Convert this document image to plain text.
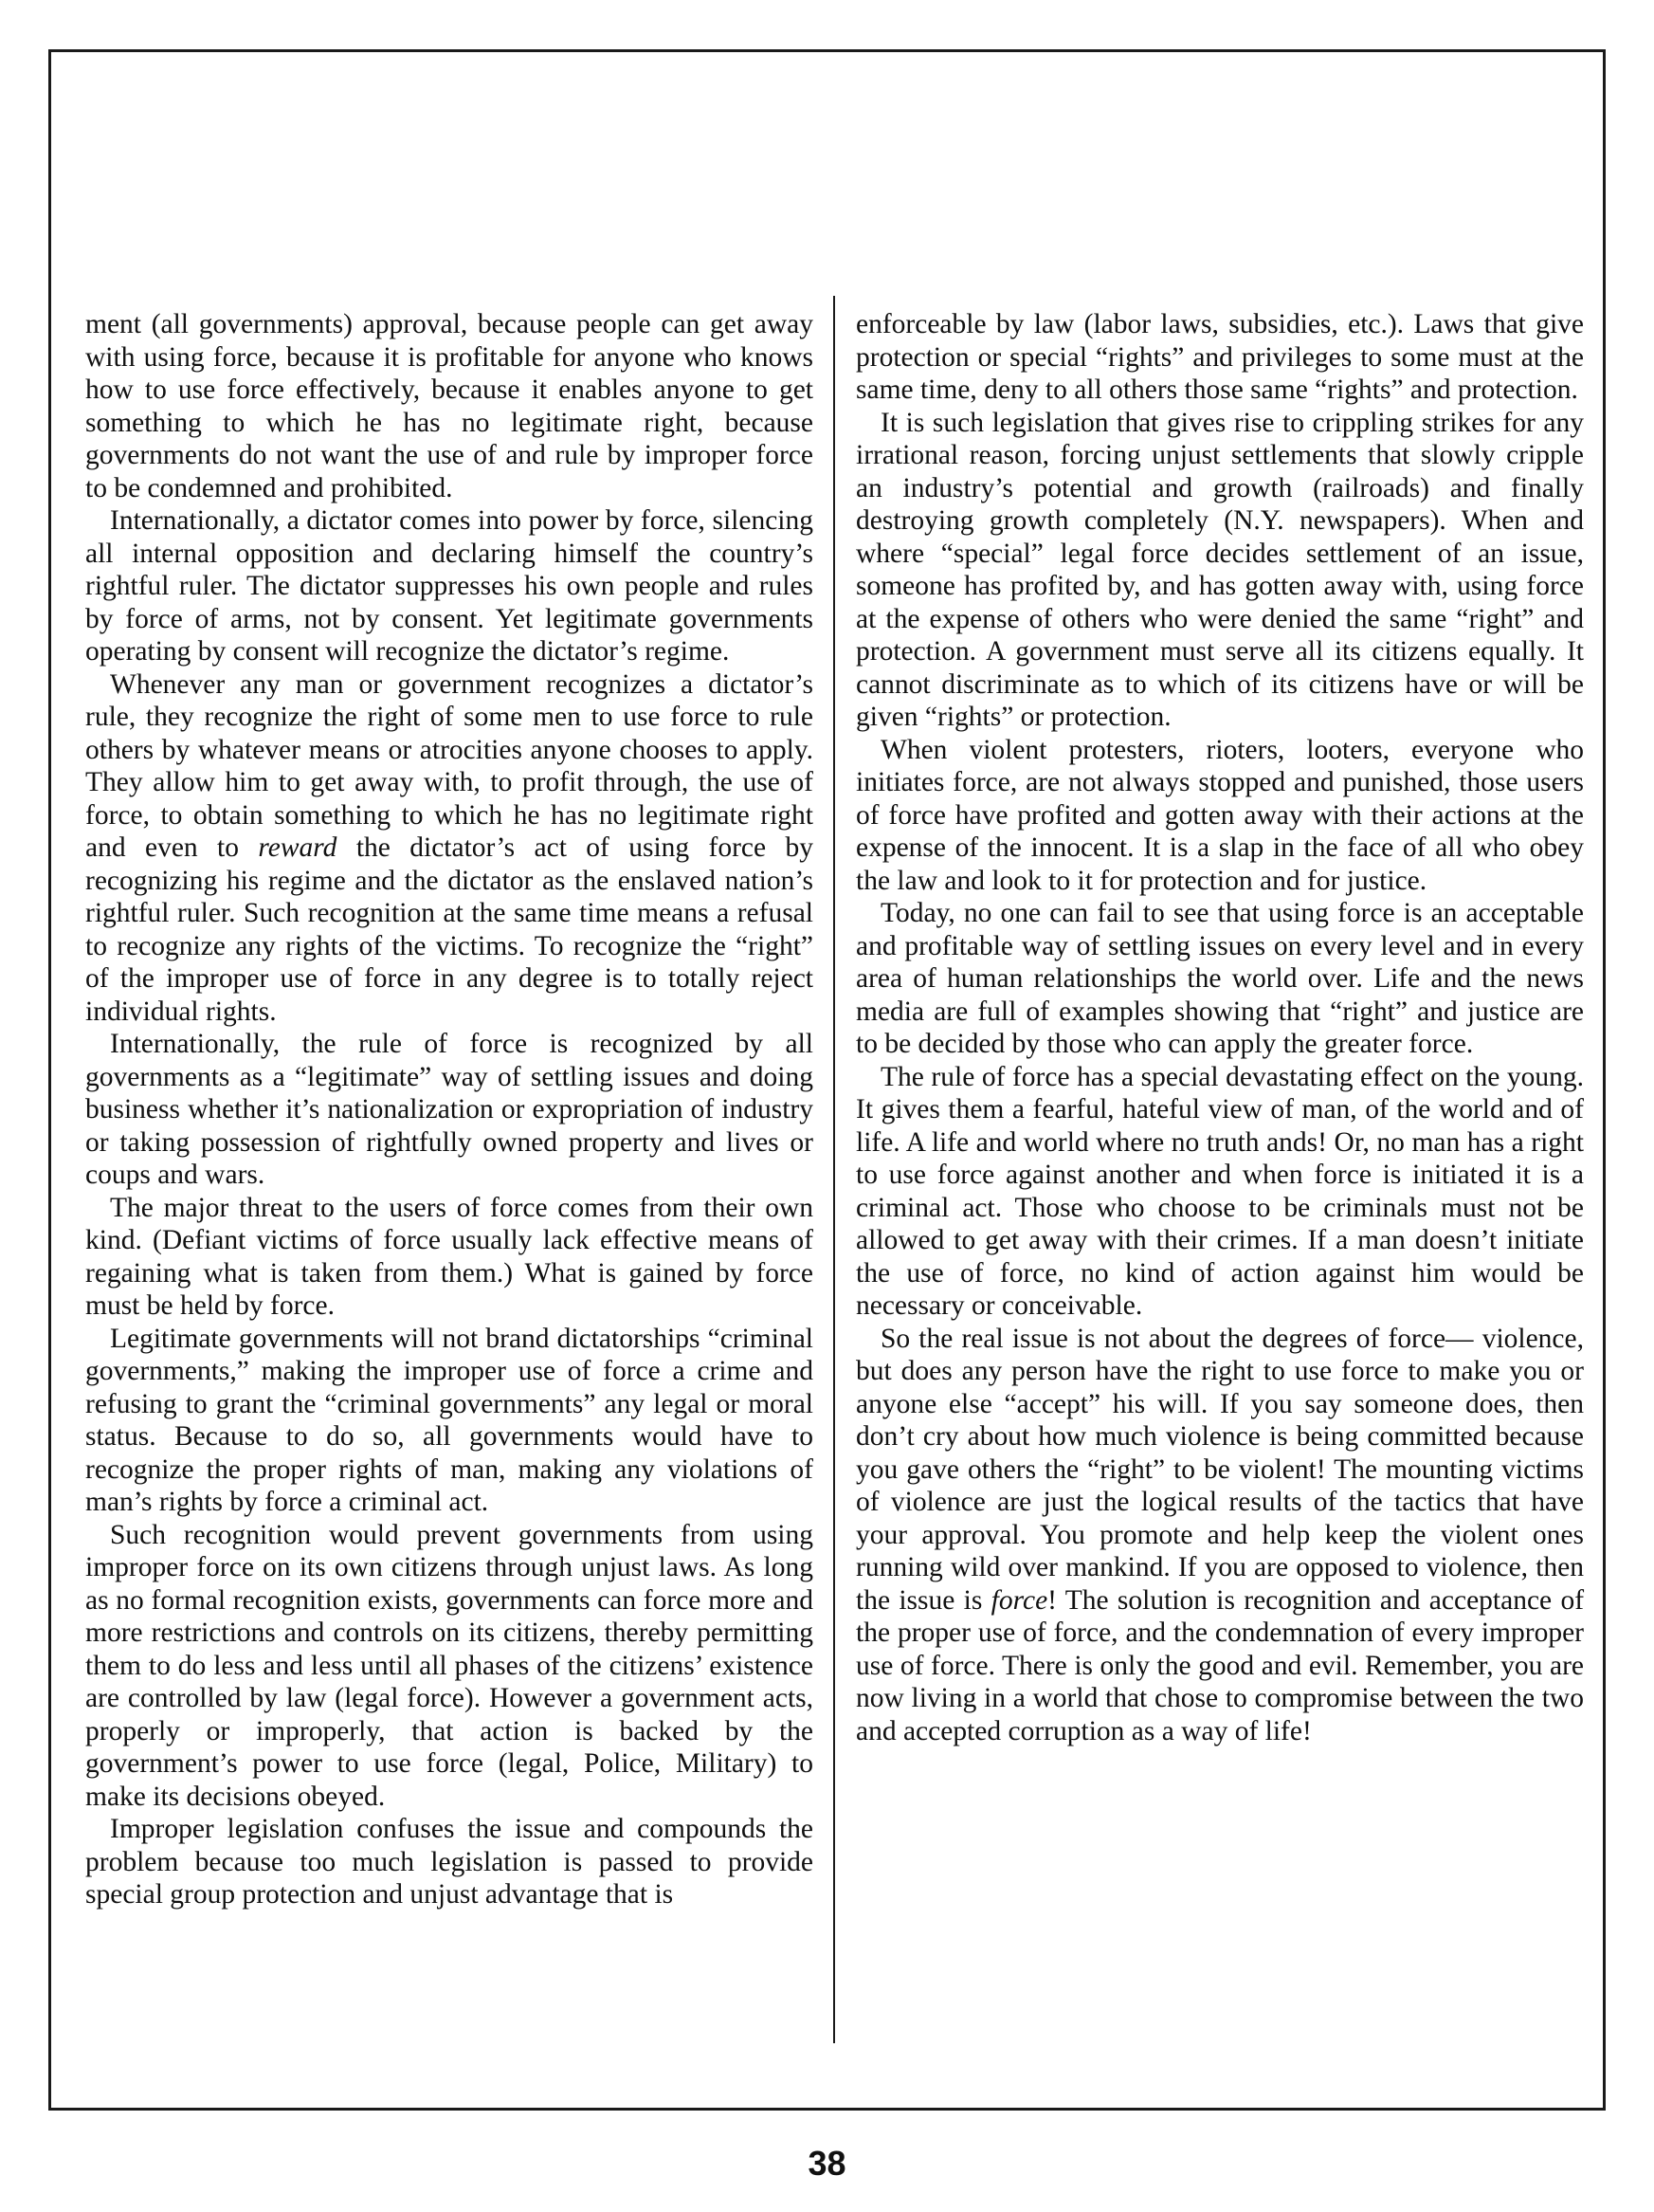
ment (all governments) approval, because people can get away with using force, because it is profitable for anyone who knows how to use force effectively, because it enables anyone to get something to which he has no legitimate right, because governments do not want the use of and rule by improper force to be condemned and prohibited.

Internationally, a dictator comes into power by force, silencing all internal opposition and declaring himself the country’s rightful ruler. The dictator suppresses his own people and rules by force of arms, not by consent. Yet legitimate governments operating by consent will recognize the dictator’s regime.

Whenever any man or government recognizes a dictator’s rule, they recognize the right of some men to use force to rule others by whatever means or atrocities anyone chooses to apply. They allow him to get away with, to profit through, the use of force, to obtain something to which he has no legitimate right and even to reward the dictator’s act of using force by recognizing his regime and the dictator as the enslaved nation’s rightful ruler. Such recognition at the same time means a refusal to recognize any rights of the victims. To recognize the “right” of the improper use of force in any degree is to totally reject individual rights.

Internationally, the rule of force is recognized by all governments as a “legitimate” way of settling issues and doing business whether it’s nationalization or expropriation of industry or taking possession of rightfully owned property and lives or coups and wars.

The major threat to the users of force comes from their own kind. (Defiant victims of force usually lack effective means of regaining what is taken from them.) What is gained by force must be held by force.

Legitimate governments will not brand dictatorships “criminal governments,” making the improper use of force a crime and refusing to grant the “criminal governments” any legal or moral status. Because to do so, all governments would have to recognize the proper rights of man, making any violations of man’s rights by force a criminal act.

Such recognition would prevent governments from using improper force on its own citizens through unjust laws. As long as no formal recognition exists, governments can force more and more restrictions and controls on its citizens, thereby permitting them to do less and less until all phases of the citizens’ existence are controlled by law (legal force). However a government acts, properly or improperly, that action is backed by the government’s power to use force (legal, Police, Military) to make its decisions obeyed.

Improper legislation confuses the issue and compounds the problem because too much legislation is passed to provide special group protection and unjust advantage that is

enforceable by law (labor laws, subsidies, etc.). Laws that give protection or special “rights” and privileges to some must at the same time, deny to all others those same “rights” and protection.

It is such legislation that gives rise to crippling strikes for any irrational reason, forcing unjust settlements that slowly cripple an industry’s potential and growth (railroads) and finally destroying growth completely (N.Y. newspapers). When and where “special” legal force decides settlement of an issue, someone has profited by, and has gotten away with, using force at the expense of others who were denied the same “right” and protection. A government must serve all its citizens equally. It cannot discriminate as to which of its citizens have or will be given “rights” or protection.

When violent protesters, rioters, looters, everyone who initiates force, are not always stopped and punished, those users of force have profited and gotten away with their actions at the expense of the innocent. It is a slap in the face of all who obey the law and look to it for protection and for justice.

Today, no one can fail to see that using force is an acceptable and profitable way of settling issues on every level and in every area of human relationships the world over. Life and the news media are full of examples showing that “right” and justice are to be decided by those who can apply the greater force.

The rule of force has a special devastating effect on the young. It gives them a fearful, hateful view of man, of the world and of life. A life and world where no truth ands! Or, no man has a right to use force against another and when force is initiated it is a criminal act. Those who choose to be criminals must not be allowed to get away with their crimes. If a man doesn’t initiate the use of force, no kind of action against him would be necessary or conceivable.

So the real issue is not about the degrees of force— violence, but does any person have the right to use force to make you or anyone else “accept” his will. If you say someone does, then don’t cry about how much violence is being committed because you gave others the “right” to be violent! The mounting victims of violence are just the logical results of the tactics that have your approval. You promote and help keep the violent ones running wild over mankind. If you are opposed to violence, then the issue is force! The solution is recognition and acceptance of the proper use of force, and the condemnation of every improper use of force. There is only the good and evil. Remember, you are now living in a world that chose to compromise between the two and accepted corruption as a way of life!

38
